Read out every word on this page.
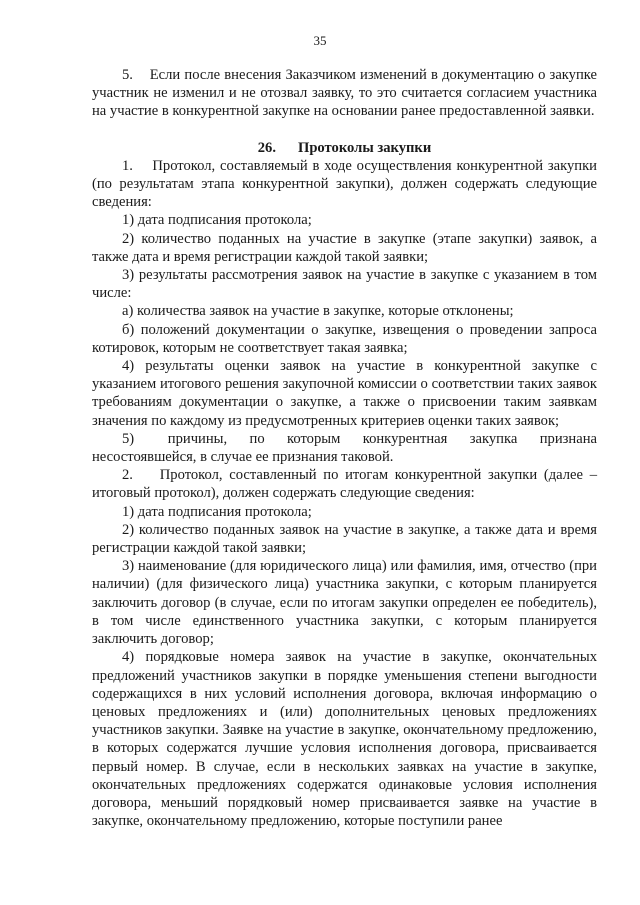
35

5.    Если после внесения Заказчиком изменений в документацию о закупке участник не изменил и не отозвал заявку, то это считается согласием участника на участие в конкурентной закупке на основании ранее предоставленной заявки.

26. Протоколы закупки

1.    Протокол, составляемый в ходе осуществления конкурентной закупки (по результатам этапа конкурентной закупки), должен содержать следующие сведения:

1) дата подписания протокола;

2) количество поданных на участие в закупке (этапе закупки) заявок, а также дата и время регистрации каждой такой заявки;

3) результаты рассмотрения заявок на участие в закупке с указанием в том числе:

а) количества заявок на участие в закупке, которые отклонены;

б) положений документации о закупке, извещения о проведении запроса котировок, которым не соответствует такая заявка;

4) результаты оценки заявок на участие в конкурентной закупке с указанием итогового решения закупочной комиссии о соответствии таких заявок требованиям документации о закупке, а также о присвоении таким заявкам значения по каждому из предусмотренных критериев оценки таких заявок;

5)      причины,    по    которым    конкурентная    закупка    признана несостоявшейся, в случае ее признания таковой.

2.    Протокол, составленный по итогам конкурентной закупки (далее – итоговый протокол), должен содержать следующие сведения:

1) дата подписания протокола;

2) количество поданных заявок на участие в закупке, а также дата и время регистрации каждой такой заявки;

3) наименование (для юридического лица) или фамилия, имя, отчество (при наличии) (для физического лица) участника закупки, с которым планируется заключить договор (в случае, если по итогам закупки определен ее победитель), в том числе единственного участника закупки, с которым планируется заключить договор;

4) порядковые номера заявок на участие в закупке, окончательных предложений участников закупки в порядке уменьшения степени выгодности содержащихся в них условий исполнения договора, включая информацию о ценовых предложениях и (или) дополнительных ценовых предложениях участников закупки. Заявке на участие в закупке, окончательному предложению, в которых содержатся лучшие условия исполнения договора, присваивается первый номер. В случае, если в нескольких заявках на участие в закупке, окончательных предложениях содержатся одинаковые условия исполнения договора, меньший порядковый номер присваивается заявке на участие в закупке, окончательному предложению, которые поступили ранее
